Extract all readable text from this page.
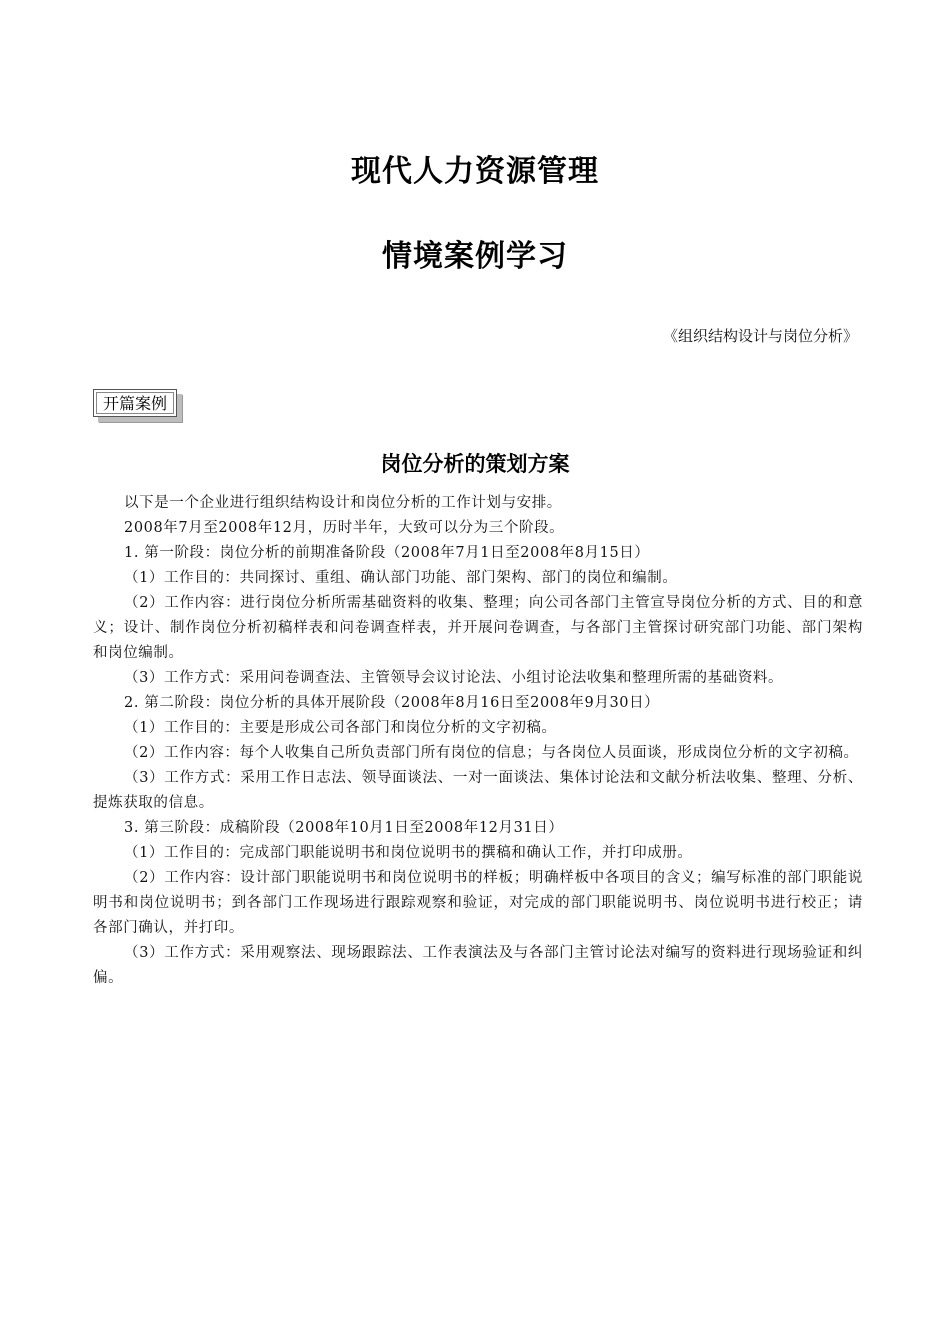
现代人力资源管理
情境案例学习
《组织结构设计与岗位分析》
开篇案例
岗位分析的策划方案

以下是一个企业进行组织结构设计和岗位分析的工作计划与安排。

2008年7月至2008年12月，历时半年，大致可以分为三个阶段。

1. 第一阶段：岗位分析的前期准备阶段（2008年7月1日至2008年8月15日）

（1）工作目的：共同探讨、重组、确认部门功能、部门架构、部门的岗位和编制。

（2）工作内容：进行岗位分析所需基础资料的收集、整理；向公司各部门主管宣导岗位分析的方式、目的和意义；设计、制作岗位分析初稿样表和问卷调查样表，并开展问卷调查，与各部门主管探讨研究部门功能、部门架构和岗位编制。

（3）工作方式：采用问卷调查法、主管领导会议讨论法、小组讨论法收集和整理所需的基础资料。

2. 第二阶段：岗位分析的具体开展阶段（2008年8月16日至2008年9月30日）

（1）工作目的：主要是形成公司各部门和岗位分析的文字初稿。

（2）工作内容：每个人收集自己所负责部门所有岗位的信息；与各岗位人员面谈，形成岗位分析的文字初稿。

（3）工作方式：采用工作日志法、领导面谈法、一对一面谈法、集体讨论法和文献分析法收集、整理、分析、提炼获取的信息。

3. 第三阶段：成稿阶段（2008年10月1日至2008年12月31日）

（1）工作目的：完成部门职能说明书和岗位说明书的撰稿和确认工作，并打印成册。

（2）工作内容：设计部门职能说明书和岗位说明书的样板；明确样板中各项目的含义；编写标准的部门职能说明书和岗位说明书；到各部门工作现场进行跟踪观察和验证，对完成的部门职能说明书、岗位说明书进行校正；请各部门确认，并打印。

（3）工作方式：采用观察法、现场跟踪法、工作表演法及与各部门主管讨论法对编写的资料进行现场验证和纠偏。
